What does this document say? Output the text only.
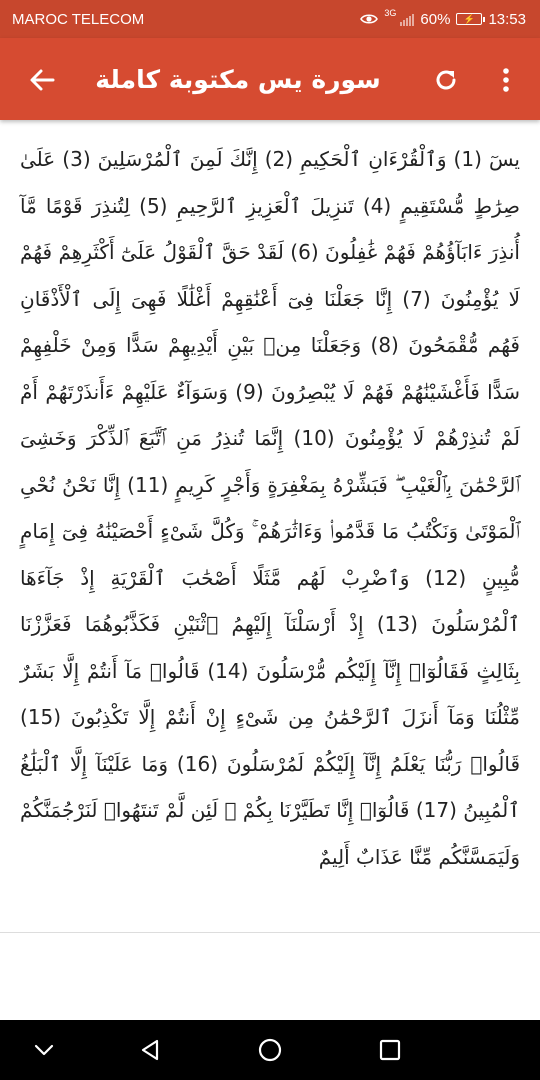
MAROC TELECOM	3G 60% ⚡ 13:53
سورة يس مكتوبة كاملة

يسٓ (1) وَٱلْقُرْءَانِ ٱلْحَكِيمِ (2) إِنَّكَ لَمِنَ ٱلْمُرْسَلِينَ (3) عَلَىٰ صِرَٰطٍ مُّسْتَقِيمٍ (4) تَنزِيلَ ٱلْعَزِيزِ ٱلرَّحِيمِ (5) لِتُنذِرَ قَوْمًا مَّآ أُنذِرَ ءَابَآؤُهُمْ فَهُمْ غَٰفِلُونَ (6) لَقَدْ حَقَّ ٱلْقَوْلُ عَلَىٰٓ أَكْثَرِهِمْ فَهُمْ لَا يُؤْمِنُونَ (7) إِنَّا جَعَلْنَا فِىٓ أَعْنَٰقِهِمْ أَغْلَٰلًا فَهِىَ إِلَى ٱلْأَذْقَانِ فَهُم مُّقْمَحُونَ (8) وَجَعَلْنَا مِنۢ بَيْنِ أَيْدِيهِمْ سَدًّا وَمِنْ خَلْفِهِمْ سَدًّا فَأَغْشَيْنَٰهُمْ فَهُمْ لَا يُبْصِرُونَ (9) وَسَوَآءٌ عَلَيْهِمْ ءَأَنذَرْتَهُمْ أَمْ لَمْ تُنذِرْهُمْ لَا يُؤْمِنُونَ (10) إِنَّمَا تُنذِرُ مَنِ ٱتَّبَعَ ٱلذِّكْرَ وَخَشِىَ ٱلرَّحْمَٰنَ بِٱلْغَيْبِ ۖ فَبَشِّرْهُ بِمَغْفِرَةٍ وَأَجْرٍ كَرِيمٍ (11) إِنَّا نَحْنُ نُحْىِ ٱلْمَوْتَىٰ وَنَكْتُبُ مَا قَدَّمُوا۟ وَءَاثَٰرَهُمْ ۚ وَكُلَّ شَىْءٍ أَحْصَيْنَٰهُ فِىٓ إِمَامٍ مُّبِينٍ (12) وَٱضْرِبْ لَهُم مَّثَلًا أَصْحَٰبَ ٱلْقَرْيَةِ إِذْ جَآءَهَا ٱلْمُرْسَلُونَ (13) إِذْ أَرْسَلْنَآ إِلَيْهِمُ ٱثْنَيْنِ فَكَذَّبُوهُمَا فَعَزَّزْنَا بِثَالِثٍ فَقَالُوٓا۟ إِنَّآ إِلَيْكُم مُّرْسَلُونَ (14) قَالُوا۟ مَآ أَنتُمْ إِلَّا بَشَرٌ مِّثْلُنَا وَمَآ أَنزَلَ ٱلرَّحْمَٰنُ مِن شَىْءٍ إِنْ أَنتُمْ إِلَّا تَكْذِبُونَ (15) قَالُوا۟ رَبُّنَا يَعْلَمُ إِنَّآ إِلَيْكُمْ لَمُرْسَلُونَ (16) وَمَا عَلَيْنَآ إِلَّا ٱلْبَلَٰغُ ٱلْمُبِينُ (17) قَالُوٓا۟ إِنَّا تَطَيَّرْنَا بِكُمْ ۖ لَئِن لَّمْ تَنتَهُوا۟ لَنَرْجُمَنَّكُمْ وَلَيَمَسَّنَّكُم مِّنَّا عَذَابٌ أَلِيمٌ
